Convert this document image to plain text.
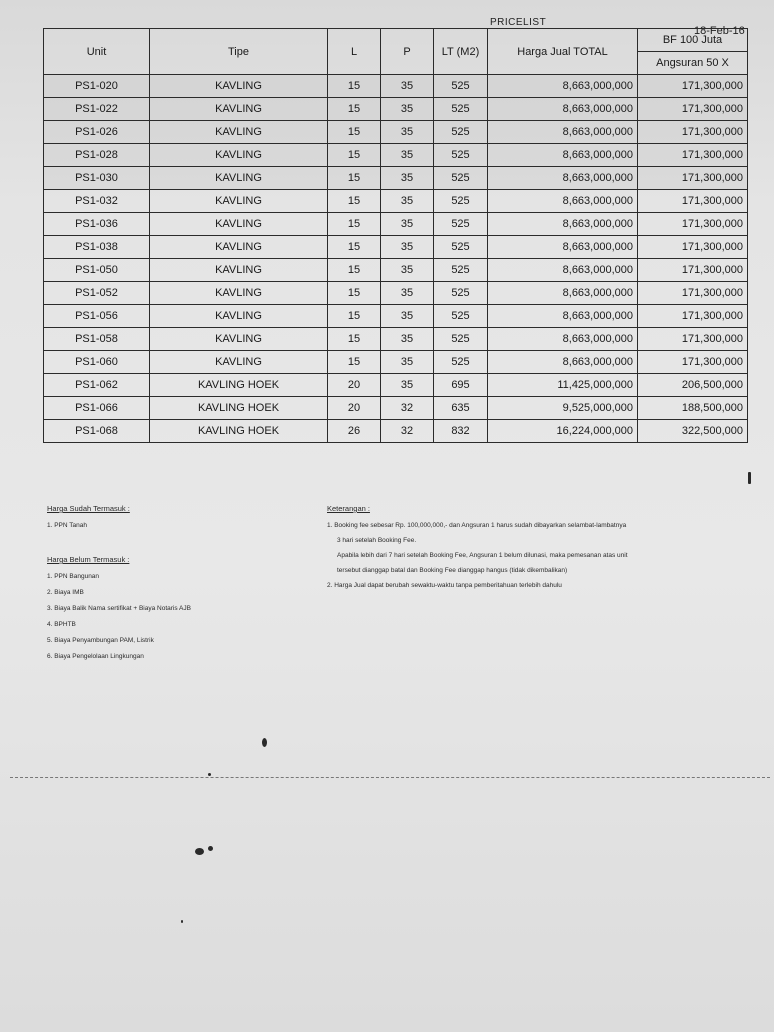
PRICELIST
18-Feb-16
Unit	Tipe	L	P	LT (M2)	Harga Jual TOTAL	BF 100 Juta
						Angsuran 50 X
PS1-020	KAVLING	15	35	525	8,663,000,000	171,300,000
PS1-022	KAVLING	15	35	525	8,663,000,000	171,300,000
PS1-026	KAVLING	15	35	525	8,663,000,000	171,300,000
PS1-028	KAVLING	15	35	525	8,663,000,000	171,300,000
PS1-030	KAVLING	15	35	525	8,663,000,000	171,300,000
PS1-032	KAVLING	15	35	525	8,663,000,000	171,300,000
PS1-036	KAVLING	15	35	525	8,663,000,000	171,300,000
PS1-038	KAVLING	15	35	525	8,663,000,000	171,300,000
PS1-050	KAVLING	15	35	525	8,663,000,000	171,300,000
PS1-052	KAVLING	15	35	525	8,663,000,000	171,300,000
PS1-056	KAVLING	15	35	525	8,663,000,000	171,300,000
PS1-058	KAVLING	15	35	525	8,663,000,000	171,300,000
PS1-060	KAVLING	15	35	525	8,663,000,000	171,300,000
PS1-062	KAVLING HOEK	20	35	695	11,425,000,000	206,500,000
PS1-066	KAVLING HOEK	20	32	635	9,525,000,000	188,500,000
PS1-068	KAVLING HOEK	26	32	832	16,224,000,000	322,500,000
Harga Sudah Termasuk :
1. PPN Tanah
Harga Belum Termasuk :
1. PPN Bangunan
2. Biaya IMB
3. Biaya Balik Nama sertifikat + Biaya Notaris AJB
4. BPHTB
5. Biaya Penyambungan PAM, Listrik
6. Biaya Pengelolaan Lingkungan
Keterangan :
1. Booking fee sebesar Rp. 100,000,000,- dan Angsuran 1 harus sudah dibayarkan selambat-lambatnya
3 hari setelah Booking Fee.
Apabila lebih dari 7 hari setelah Booking Fee, Angsuran 1 belum dilunasi, maka pemesanan atas unit
tersebut dianggap batal dan Booking Fee dianggap hangus (tidak dikembalikan)
2. Harga Jual dapat berubah sewaktu-waktu tanpa pemberitahuan terlebih dahulu
